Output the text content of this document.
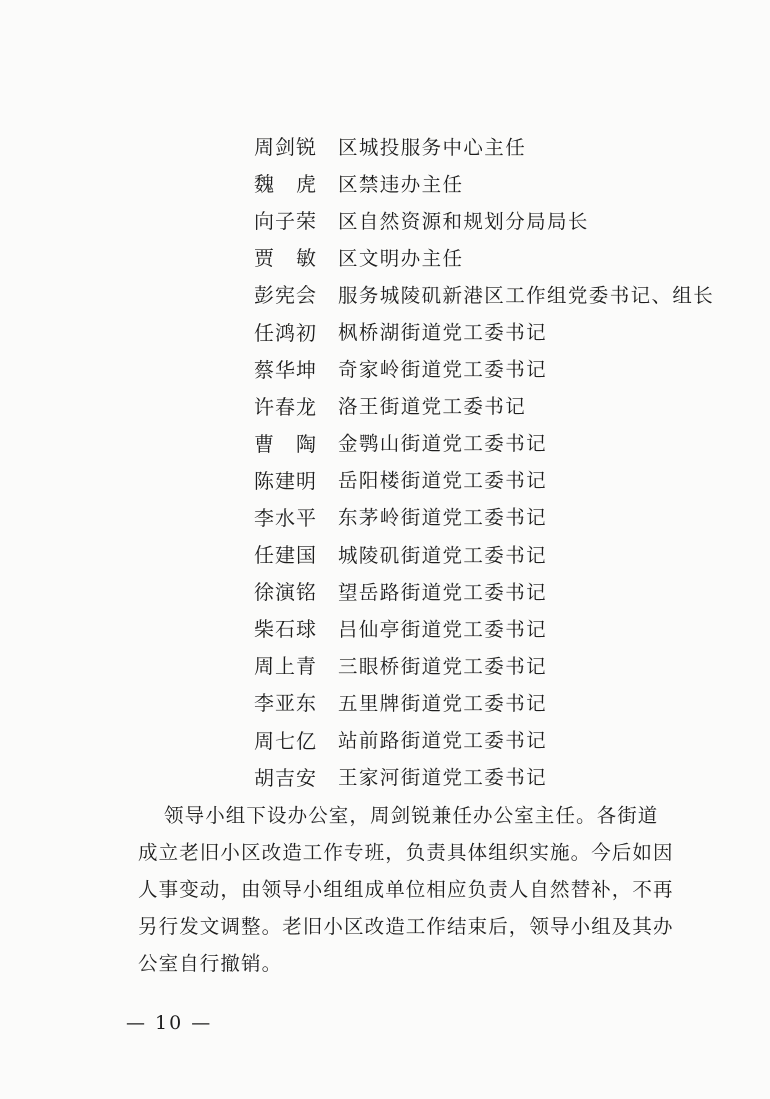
周剑锐	区城投服务中心主任
魏　虎	区禁违办主任
向子荣	区自然资源和规划分局局长
贾　敏	区文明办主任
彭宪会	服务城陵矶新港区工作组党委书记、组长
任鸿初	枫桥湖街道党工委书记
蔡华坤	奇家岭街道党工委书记
许春龙	洛王街道党工委书记
曹　陶	金鹗山街道党工委书记
陈建明	岳阳楼街道党工委书记
李水平	东茅岭街道党工委书记
任建国	城陵矶街道党工委书记
徐演铭	望岳路街道党工委书记
柴石球	吕仙亭街道党工委书记
周上青	三眼桥街道党工委书记
李亚东	五里牌街道党工委书记
周七亿	站前路街道党工委书记
胡吉安	王家河街道党工委书记
领导小组下设办公室，周剑锐兼任办公室主任。各街道
成立老旧小区改造工作专班，负责具体组织实施。今后如因
人事变动，由领导小组组成单位相应负责人自然替补，不再
另行发文调整。老旧小区改造工作结束后，领导小组及其办
公室自行撤销。
— 10 —
